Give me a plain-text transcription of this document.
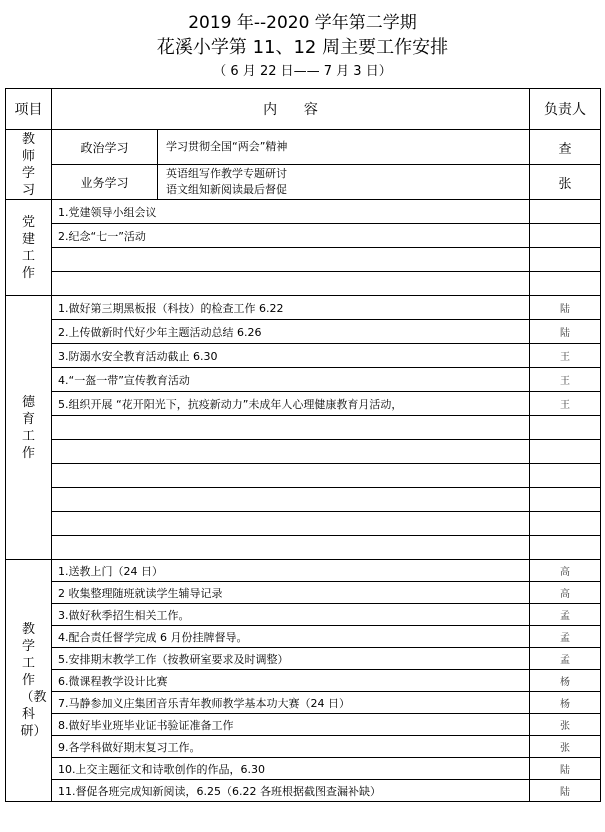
2019 年--2020 学年第二学期
花溪小学第 11、12 周主要工作安排
（ 6 月 22 日—— 7 月 3 日）
项目	内      容		负责人
教师学习	政治学习	学习贯彻全国“两会”精神	查
	业务学习	英语组写作教学专题研讨
语文组知新阅读最后督促	张
党建工作	1.党建领导小组会议		
	2.纪念“七一”活动		

德育工作	1.做好第三期黑板报（科技）的检查工作 6.22		陆
	2.上传做新时代好少年主题活动总结 6.26		陆
	3.防溺水安全教育活动截止 6.30		王
	4.“一盔一带”宣传教育活动		王
	5.组织开展 “花开阳光下，抗疫新动力”未成年人心理健康教育月活动，		王

教学工作（教科研）	1.送教上门（24 日）		高
	2 收集整理随班就读学生辅导记录		高
	3.做好秋季招生相关工作。		孟
	4.配合责任督学完成 6 月份挂牌督导。		孟
	5.安排期末教学工作（按教研室要求及时调整）		孟
	6.微课程教学设计比赛		杨
	7.马静参加义庄集团音乐青年教师教学基本功大赛（24 日）		杨
	8.做好毕业班毕业证书验证准备工作		张
	9.各学科做好期末复习工作。		张
	10.上交主题征文和诗歌创作的作品，6.30		陆
	11.督促各班完成知新阅读，6.25（6.22 各班根据截图查漏补缺）		陆
